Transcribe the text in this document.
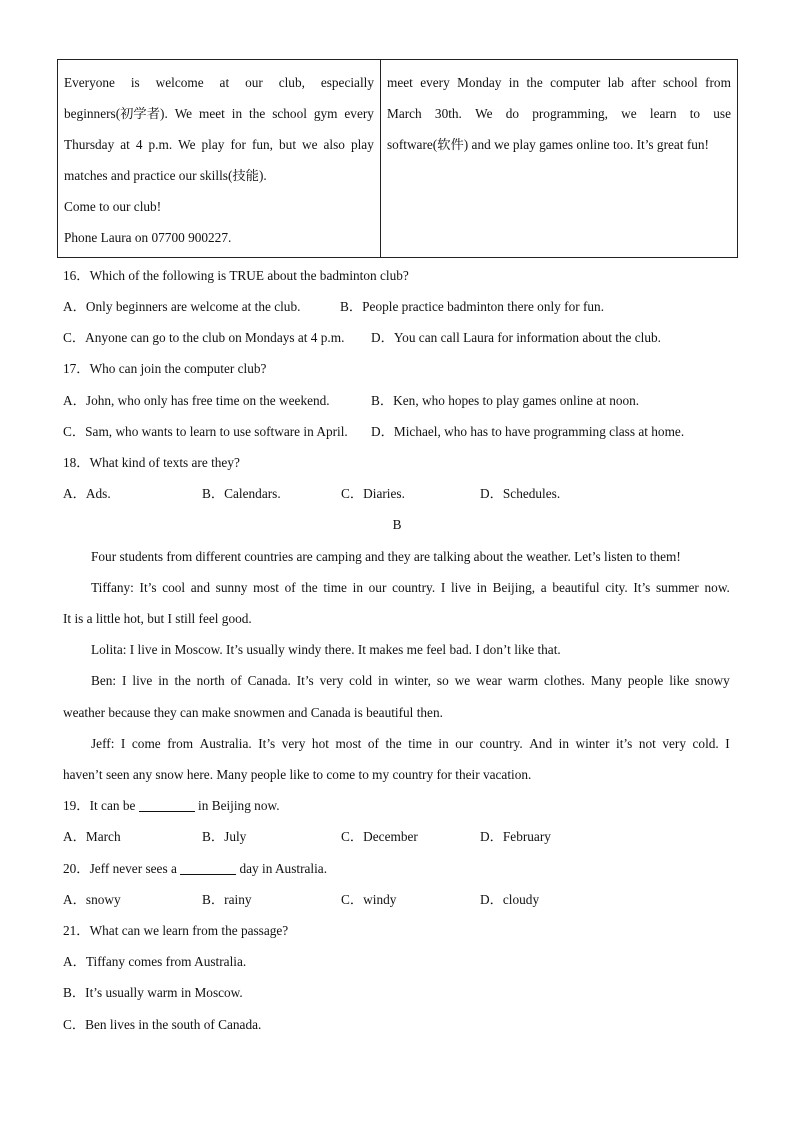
Everyone is welcome at our club, especially
beginners(初学者). We meet in the school gym every
Thursday at 4 p.m. We play for fun, but we also play
matches and practice our skills(技能).
Come to our club!
Phone Laura on 07700 900227.
meet every Monday in the computer lab after school from
March 30th. We do programming, we learn to use
software(软件) and we play games online too. It’s great fun!
16．Which of the following is TRUE about the badminton club?
A．Only beginners are welcome at the club.	B．People practice badminton there only for fun.
C．Anyone can go to the club on Mondays at 4 p.m. D．You can call Laura for information about the club.
17．Who can join the computer club?
A．John, who only has free time on the weekend.	B．Ken, who hopes to play games online at noon.
C．Sam, who wants to learn to use software in April. D．Michael, who has to have programming class at home.
18．What kind of texts are they?
A．Ads.	B．Calendars.	C．Diaries.	D．Schedules.
B
Four students from different countries are camping and they are talking about the weather. Let’s listen to them!
Tiffany: It’s cool and sunny most of the time in our country. I live in Beijing, a beautiful city. It’s summer now.
It is a little hot, but I still feel good.
Lolita: I live in Moscow. It’s usually windy there. It makes me feel bad. I don’t like that.
Ben: I live in the north of Canada. It’s very cold in winter, so we wear warm clothes. Many people like snowy
weather because they can make snowmen and Canada is beautiful then.
Jeff: I come from Australia. It’s very hot most of the time in our country. And in winter it’s not very cold. I
haven’t seen any snow here. Many people like to come to my country for their vacation.
19．It can be	in Beijing now.
A．March	B．July	C．December	D．February
20．Jeff never sees a	day in Australia.
A．snowy	B．rainy	C．windy	D．cloudy
21．What can we learn from the passage?
A．Tiffany comes from Australia.
B．It’s usually warm in Moscow.
C．Ben lives in the south of Canada.
